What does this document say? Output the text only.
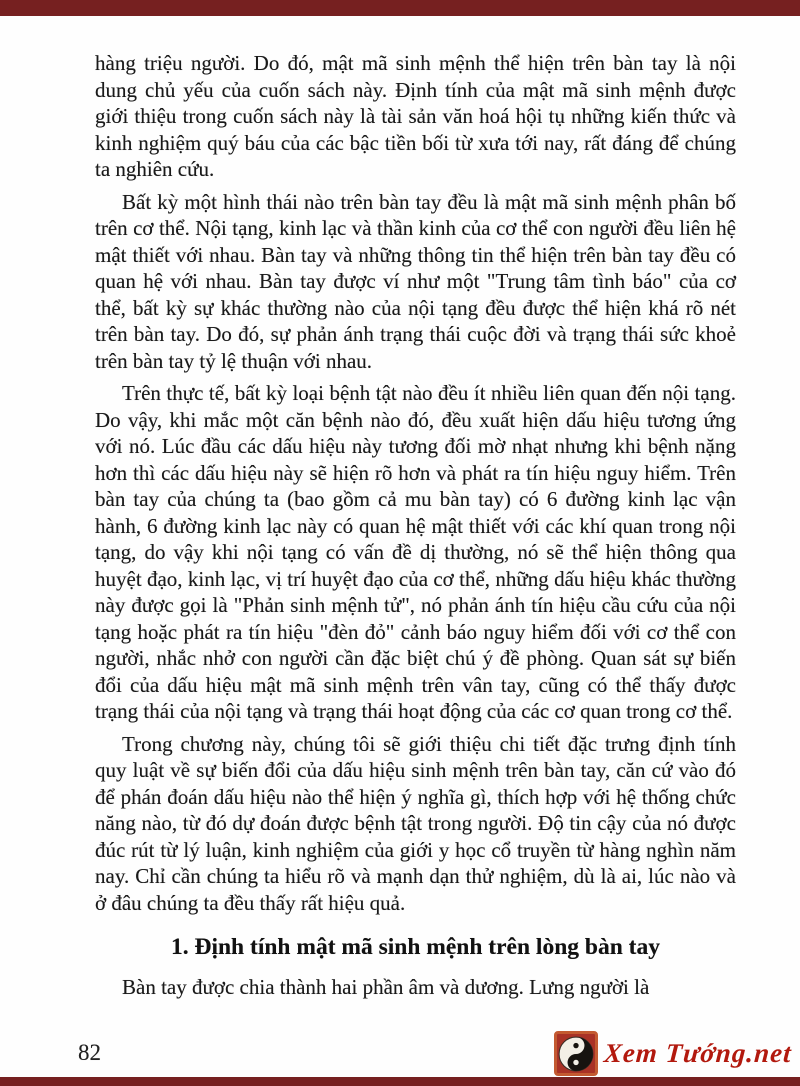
hàng triệu người. Do đó, mật mã sinh mệnh thể hiện trên bàn tay là nội dung chủ yếu của cuốn sách này. Định tính của mật mã sinh mệnh được giới thiệu trong cuốn sách này là tài sản văn hoá hội tụ những kiến thức và kinh nghiệm quý báu của các bậc tiền bối từ xưa tới nay, rất đáng để chúng ta nghiên cứu.

Bất kỳ một hình thái nào trên bàn tay đều là mật mã sinh mệnh phân bố trên cơ thể. Nội tạng, kinh lạc và thần kinh của cơ thể con người đều liên hệ mật thiết với nhau. Bàn tay và những thông tin thể hiện trên bàn tay đều có quan hệ với nhau. Bàn tay được ví như một "Trung tâm tình báo" của cơ thể, bất kỳ sự khác thường nào của nội tạng đều được thể hiện khá rõ nét trên bàn tay. Do đó, sự phản ánh trạng thái cuộc đời và trạng thái sức khoẻ trên bàn tay tỷ lệ thuận với nhau.

Trên thực tế, bất kỳ loại bệnh tật nào đều ít nhiều liên quan đến nội tạng. Do vậy, khi mắc một căn bệnh nào đó, đều xuất hiện dấu hiệu tương ứng với nó. Lúc đầu các dấu hiệu này tương đối mờ nhạt nhưng khi bệnh nặng hơn thì các dấu hiệu này sẽ hiện rõ hơn và phát ra tín hiệu nguy hiểm. Trên bàn tay của chúng ta (bao gồm cả mu bàn tay) có 6 đường kinh lạc vận hành, 6 đường kinh lạc này có quan hệ mật thiết với các khí quan trong nội tạng, do vậy khi nội tạng có vấn đề dị thường, nó sẽ thể hiện thông qua huyệt đạo, kinh lạc, vị trí huyệt đạo của cơ thể, những dấu hiệu khác thường này được gọi là "Phản sinh mệnh tử", nó phản ánh tín hiệu cầu cứu của nội tạng hoặc phát ra tín hiệu "đèn đỏ" cảnh báo nguy hiểm đối với cơ thể con người, nhắc nhở con người cần đặc biệt chú ý đề phòng. Quan sát sự biến đổi của dấu hiệu mật mã sinh mệnh trên vân tay, cũng có thể thấy được trạng thái của nội tạng và trạng thái hoạt động của các cơ quan trong cơ thể.

Trong chương này, chúng tôi sẽ giới thiệu chi tiết đặc trưng định tính quy luật về sự biến đổi của dấu hiệu sinh mệnh trên bàn tay, căn cứ vào đó để phán đoán dấu hiệu nào thể hiện ý nghĩa gì, thích hợp với hệ thống chức năng nào, từ đó dự đoán được bệnh tật trong người. Độ tin cậy của nó được đúc rút từ lý luận, kinh nghiệm của giới y học cổ truyền từ hàng nghìn năm nay. Chỉ cần chúng ta hiểu rõ và mạnh dạn thử nghiệm, dù là ai, lúc nào và ở đâu chúng ta đều thấy rất hiệu quả.

1. Định tính mật mã sinh mệnh trên lòng bàn tay

Bàn tay được chia thành hai phần âm và dương. Lưng người là

82	Xem Tướng.net
